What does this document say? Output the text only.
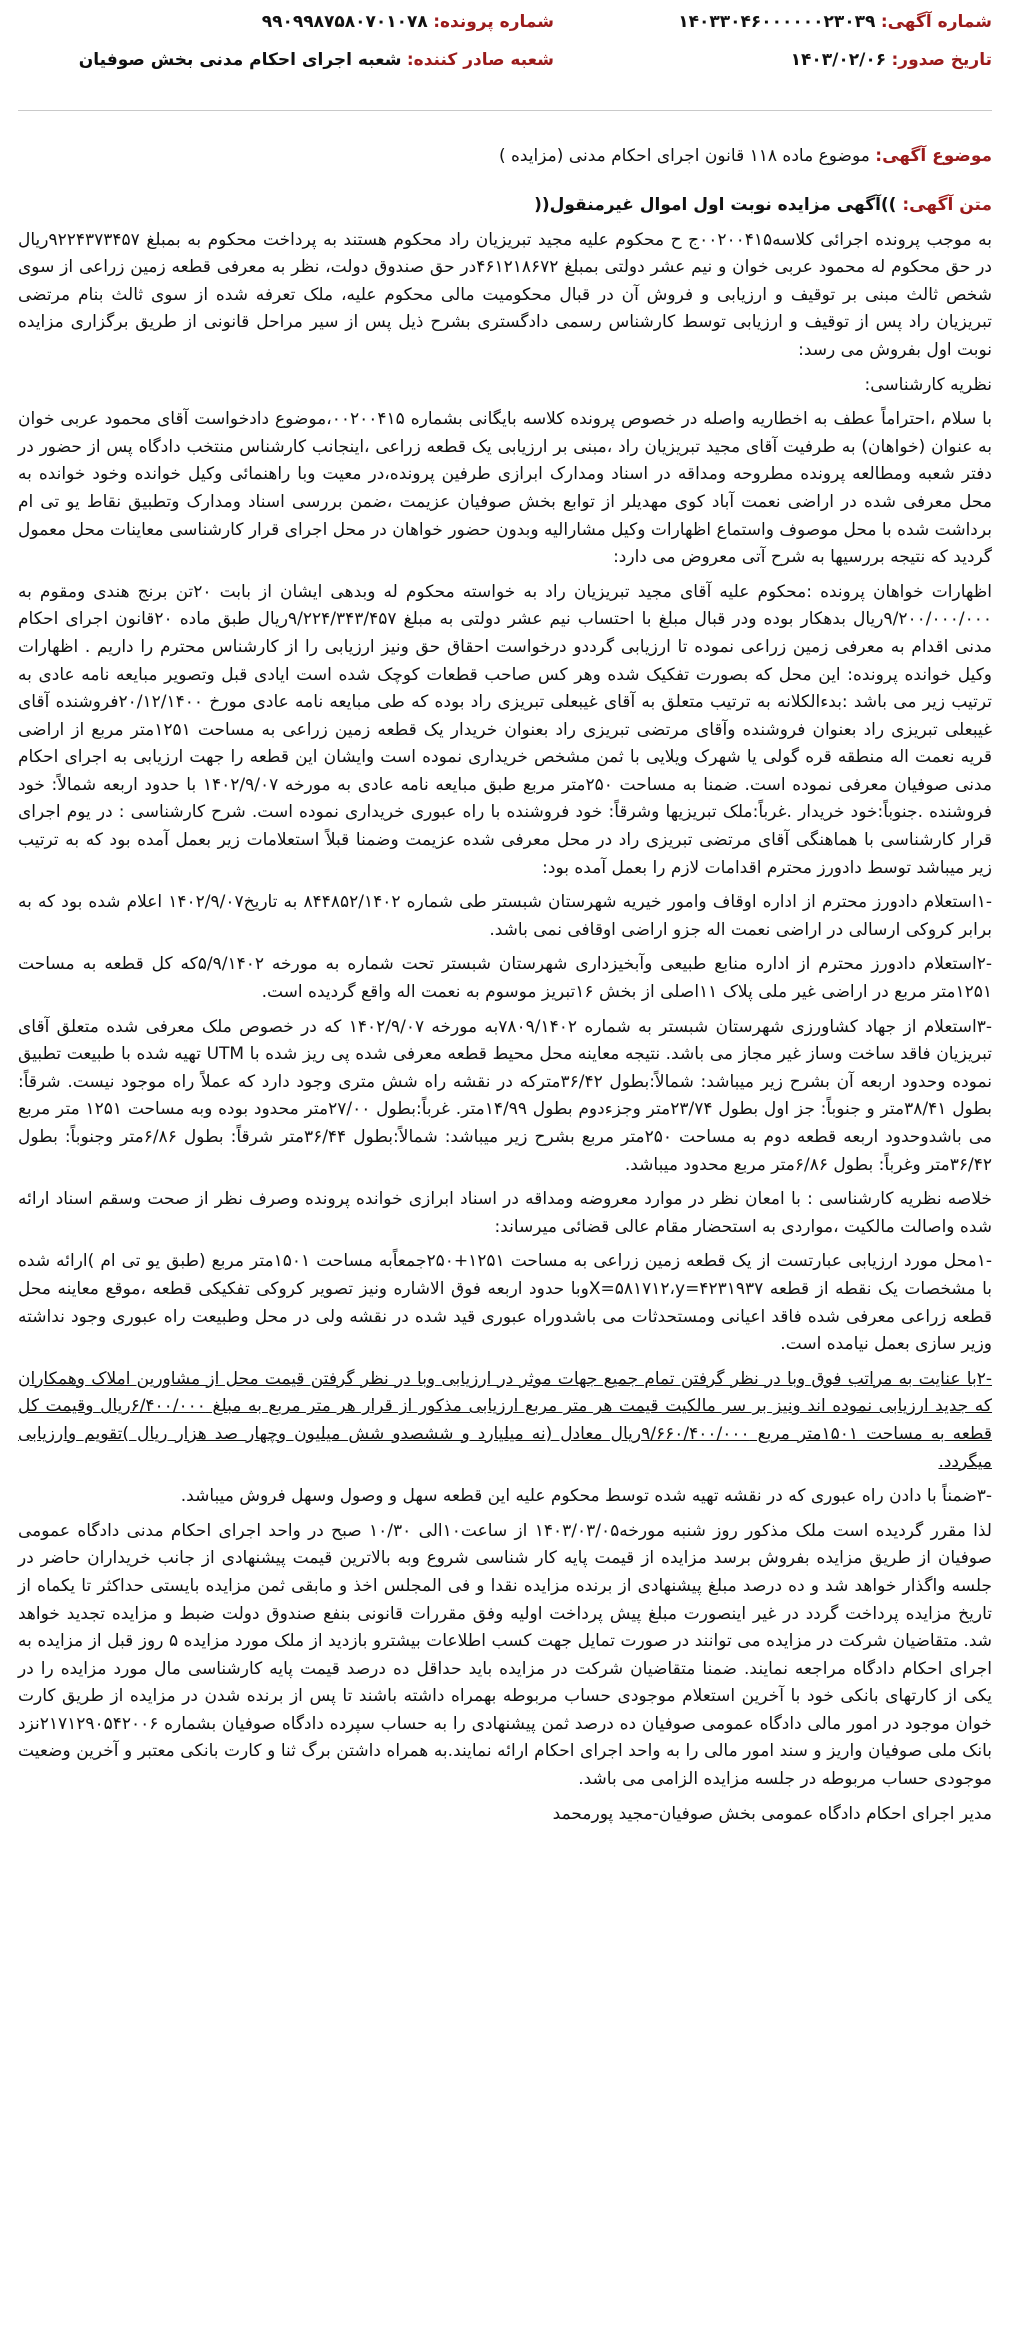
شماره آگهی: ۱۴۰۳۳۰۴۶۰۰۰۰۰۰۲۳۰۳۹
شماره پرونده: ۹۹۰۹۹۸۷۵۸۰۷۰۱۰۷۸
تاریخ صدور: ۱۴۰۳/۰۲/۰۶
شعبه صادر کننده: شعبه اجرای احکام مدنی بخش صوفیان
موضوع آگهی: موضوع ماده ۱۱۸ قانون اجرای احکام مدنی (مزایده )

متن آگهی: ))آگهی مزایده نوبت اول اموال غیرمنقول((

به موجب پرونده اجرائی کلاسه۰۰۲۰۰۴۱۵ج ح محکوم علیه مجید تبریزیان راد محکوم هستند به پرداخت محکوم به بمبلغ ۹۲۲۴۳۷۳۴۵۷ریال در حق محکوم له محمود عربی خوان و نیم عشر دولتی بمبلغ ۴۶۱۲۱۸۶۷۲در حق صندوق دولت، نظر به معرفی قطعه زمین زراعی از سوی شخص ثالث مبنی بر توقیف و ارزیابی و فروش آن در قبال محکومیت مالی محکوم علیه، ملک تعرفه شده از سوی ثالث بنام مرتضی تبریزیان راد پس از توقیف و ارزیابی توسط کارشناس رسمی دادگستری بشرح ذیل پس از سیر مراحل قانونی از طریق برگزاری مزایده نوبت اول بفروش می رسد:

نظریه کارشناسی:

با سلام ،احتراماً عطف به اخطاریه واصله در خصوص پرونده کلاسه بایگانی بشماره ۰۰۲۰۰۴۱۵،موضوع دادخواست آقای محمود عربی خوان به عنوان (خواهان) به طرفیت آقای مجید تبریزیان راد ،مبنی بر ارزیابی یک قطعه زراعی ،اینجانب کارشناس منتخب دادگاه پس از حضور در دفتر شعبه ومطالعه پرونده مطروحه ومداقه در اسناد ومدارک ابرازی طرفین پرونده،در معیت وبا راهنمائی وکیل خوانده وخود خوانده به محل معرفی شده در اراضی نعمت آباد کوی مهدیلر از توابع بخش صوفیان عزیمت ،ضمن بررسی اسناد ومدارک وتطبیق نقاط یو تی ام برداشت شده با محل موصوف واستماع اظهارات وکیل مشارالیه وبدون حضور خواهان در محل اجرای قرار کارشناسی معاینات محل معمول گردید که نتیجه بررسیها به شرح آتی معروض می دارد:

اظهارات خواهان پرونده :محکوم علیه آقای مجید تبریزیان راد به خواسته محکوم له وبدهی ایشان از بابت ۲۰تن برنج هندی ومقوم به ۹/۲۰۰/۰۰۰/۰۰۰ریال بدهکار بوده ودر قبال مبلغ با احتساب نیم عشر دولتی به مبلغ ۹/۲۲۴/۳۴۳/۴۵۷ریال طبق ماده ۲۰قانون اجرای احکام مدنی اقدام به معرفی زمین زراعی نموده تا ارزیابی گرددو درخواست احقاق حق ونیز ارزیابی را از کارشناس محترم را داریم . اظهارات وکیل خوانده پرونده: این محل که بصورت تفکیک شده وهر کس صاحب قطعات کوچک شده است ایادی قبل وتصویر مبایعه نامه عادی به ترتیب زیر می باشد :بدءالکلانه به ترتیب متعلق به آقای غیبعلی تبریزی راد بوده که طی مبایعه نامه عادی مورخ ۲۰/۱۲/۱۴۰۰فروشنده آقای غیبعلی تبریزی راد بعنوان فروشنده وآقای مرتضی تبریزی راد بعنوان خریدار یک قطعه زمین زراعی به مساحت ۱۲۵۱متر مربع از اراضی قریه نعمت اله منطقه قره گولی یا شهرک ویلایی با ثمن مشخص خریداری نموده است وایشان این قطعه را جهت ارزیابی به اجرای احکام مدنی صوفیان معرفی نموده است. ضمنا به مساحت ۲۵۰متر مربع طبق مبایعه نامه عادی به مورخه ۱۴۰۲/۹/۰۷ با حدود اربعه شمالاً: خود فروشنده .جنوباً:خود خریدار .غرباً:ملک تبریزیها وشرقاً: خود فروشنده با راه عبوری خریداری نموده است. شرح کارشناسی : در یوم اجرای قرار کارشناسی با هماهنگی آقای مرتضی تبریزی راد در محل معرفی شده عزیمت وضمنا قبلاً استعلامات زیر بعمل آمده بود که به ترتیب زیر میباشد توسط دادورز محترم اقدامات لازم را بعمل آمده بود:

-۱استعلام دادورز محترم از اداره اوقاف وامور خیریه شهرستان شبستر طی شماره ۸۴۴۸۵۲/۱۴۰۲ به تاریخ۱۴۰۲/۹/۰۷ اعلام شده بود که به برابر کروکی ارسالی در اراضی نعمت اله جزو اراضی اوقافی نمی باشد.

-۲استعلام دادورز محترم از اداره منابع طبیعی وآبخیزداری شهرستان شبستر تحت شماره به مورخه ۵/۹/۱۴۰۲که کل قطعه به مساحت ۱۲۵۱متر مربع در اراضی غیر ملی پلاک ۱۱اصلی از بخش ۱۶تبریز موسوم به نعمت اله واقع گردیده است.

-۳استعلام از جهاد کشاورزی شهرستان شبستر به شماره ۷۸۰۹/۱۴۰۲به مورخه ۱۴۰۲/۹/۰۷ که در خصوص ملک معرفی شده متعلق آقای تبریزیان فاقد ساخت وساز غیر مجاز می باشد. نتیجه معاینه محل محیط قطعه معرفی شده پی ریز شده با UTM تهیه شده با طبیعت تطبیق نموده وحدود اربعه آن بشرح زیر میباشد: شمالاً:بطول ۳۶/۴۲مترکه در نقشه راه شش متری وجود دارد که عملاً راه موجود نیست. شرقاً: بطول ۳۸/۴۱متر و جنوباً: جز اول بطول ۲۳/۷۴متر وجزءدوم بطول ۱۴/۹۹متر. غرباً:بطول ۲۷/۰۰متر محدود بوده وبه مساحت ۱۲۵۱ متر مربع می باشدوحدود اربعه قطعه دوم به مساحت ۲۵۰متر مربع بشرح زیر میباشد: شمالاً:بطول ۳۶/۴۴متر شرقاً: بطول ۶/۸۶متر وجنوباً: بطول ۳۶/۴۲متر وغرباً: بطول ۶/۸۶متر مربع محدود میباشد.

خلاصه نظریه کارشناسی : با امعان نظر در موارد معروضه ومداقه در اسناد ابرازی خوانده پرونده وصرف نظر از صحت وسقم اسناد ارائه شده واصالت مالکیت ،مواردی به استحضار مقام عالی قضائی میرساند:

-۱محل مورد ارزیابی عبارتست از یک قطعه زمین زراعی به مساحت ۱۲۵۱+۲۵۰جمعاًبه مساحت ۱۵۰۱متر مربع (طبق یو تی ام )ارائه شده با مشخصات یک نقطه از قطعه X=۵۸۱۷۱۲،y=۴۲۳۱۹۳۷وبا حدود اربعه فوق الاشاره ونیز تصویر کروکی تفکیکی قطعه ،موقع معاینه محل قطعه زراعی معرفی شده فاقد اعیانی ومستحدثات می باشدوراه عبوری قید شده در نقشه ولی در محل وطبیعت راه عبوری وجود نداشته وزیر سازی بعمل نیامده است.

-۲با عنایت به مراتب فوق وبا در نظر گرفتن تمام جمیع جهات موثر در ارزیابی وبا در نظر گرفتن قیمت محل از مشاورین املاک وهمکاران که جدید ارزیابی نموده اند ونیز بر سر مالکیت قیمت هر متر مربع ارزیابی مذکور از قرار هر متر مربع به مبلغ ۶/۴۰۰/۰۰۰ریال وقیمت کل قطعه به مساحت ۱۵۰۱متر مربع ۹/۶۶۰/۴۰۰/۰۰۰ریال معادل (نه میلیارد و ششصدو شش میلیون وچهار صد هزار ریال )تقویم وارزیابی میگردد.

-۳ضمناً با دادن راه عبوری که در نقشه تهیه شده توسط محکوم علیه این قطعه سهل و وصول وسهل فروش میباشد.

لذا مقرر گردیده است ملک مذکور روز شنبه مورخه۱۴۰۳/۰۳/۰۵ از ساعت۱۰الی ۱۰/۳۰ صبح در واحد اجرای احکام مدنی دادگاه عمومی صوفیان از طریق مزایده بفروش برسد مزایده از قیمت پایه کار شناسی شروع وبه بالاترین قیمت پیشنهادی از جانب خریداران حاضر در جلسه واگذار خواهد شد و ده درصد مبلغ پیشنهادی از برنده مزایده نقدا و فی المجلس اخذ و مابقی ثمن مزایده بایستی حداکثر تا یکماه از تاریخ مزایده پرداخت گردد در غیر اینصورت مبلغ پیش پرداخت اولیه وفق مقررات قانونی بنفع صندوق دولت ضبط و مزایده تجدید خواهد شد. متقاضیان شرکت در مزایده می توانند در صورت تمایل جهت کسب اطلاعات بیشترو بازدید از ملک مورد مزایده ۵ روز قبل از مزایده به اجرای احکام دادگاه مراجعه نمایند. ضمنا متقاضیان شرکت در مزایده باید حداقل ده درصد قیمت پایه کارشناسی مال مورد مزایده را در یکی از کارتهای بانکی خود با آخرین استعلام موجودی حساب مربوطه بهمراه داشته باشند تا پس از برنده شدن در مزایده از طریق کارت خوان موجود در امور مالی دادگاه عمومی صوفیان ده درصد ثمن پیشنهادی را به حساب سپرده دادگاه صوفیان بشماره ۲۱۷۱۲۹۰۵۴۲۰۰۶نزد بانک ملی صوفیان واریز و سند امور مالی را به واحد اجرای احکام ارائه نمایند.به همراه داشتن برگ ثنا و کارت بانکی معتبر و آخرین وضعیت موجودی حساب مربوطه در جلسه مزایده الزامی می باشد.

مدیر اجرای احکام دادگاه عمومی بخش صوفیان-مجید پورمحمد
